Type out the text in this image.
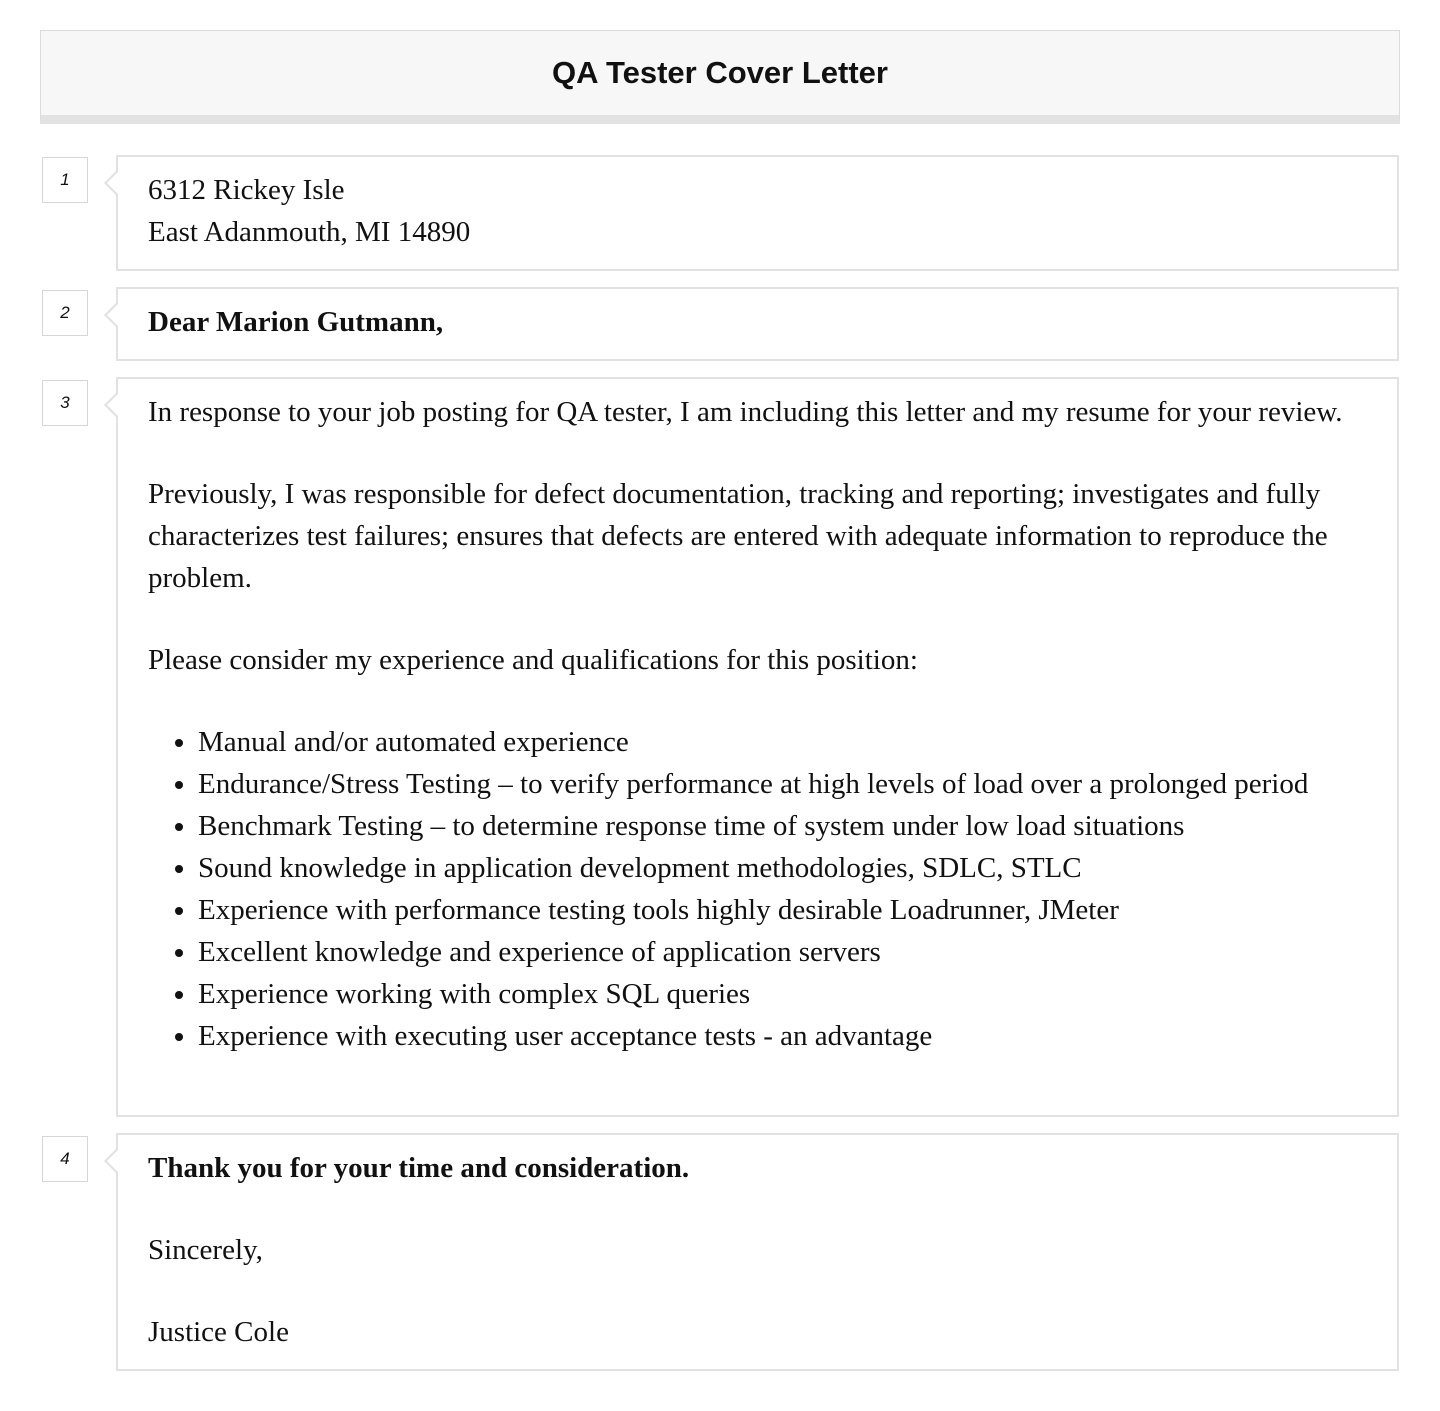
QA Tester Cover Letter
1	6312 Rickey Isle
East Adanmouth, MI 14890
2	Dear Marion Gutmann,
3	In response to your job posting for QA tester, I am including this letter and my resume for your review.

Previously, I was responsible for defect documentation, tracking and reporting; investigates and fully characterizes test failures; ensures that defects are entered with adequate information to reproduce the problem.

Please consider my experience and qualifications for this position:

• Manual and/or automated experience
• Endurance/Stress Testing – to verify performance at high levels of load over a prolonged period
• Benchmark Testing – to determine response time of system under low load situations
• Sound knowledge in application development methodologies, SDLC, STLC
• Experience with performance testing tools highly desirable Loadrunner, JMeter
• Excellent knowledge and experience of application servers
• Experience working with complex SQL queries
• Experience with executing user acceptance tests - an advantage
4	Thank you for your time and consideration.

Sincerely,

Justice Cole
